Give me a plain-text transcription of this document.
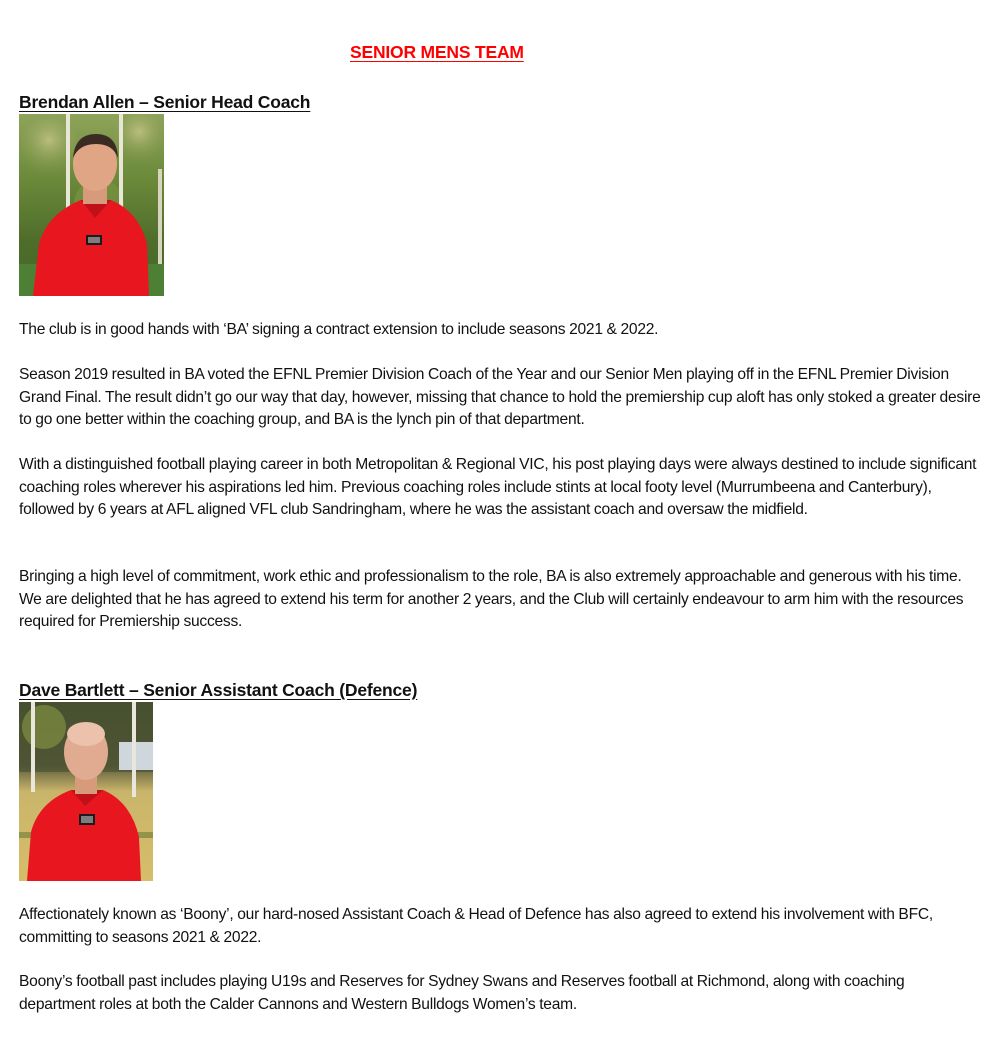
SENIOR MENS TEAM
Brendan Allen – Senior Head Coach

The club is in good hands with ‘BA’ signing a contract extension to include seasons 2021 & 2022.

Season 2019 resulted in BA voted the EFNL Premier Division Coach of the Year and our Senior Men playing off in the EFNL Premier Division Grand Final. The result didn’t go our way that day, however, missing that chance to hold the premiership cup aloft has only stoked a greater desire to go one better within the coaching group, and BA is the lynch pin of that department.

With a distinguished football playing career in both Metropolitan & Regional VIC, his post playing days were always destined to include significant coaching roles wherever his aspirations led him. Previous coaching roles include stints at local footy level (Murrumbeena and Canterbury), followed by 6 years at AFL aligned VFL club Sandringham, where he was the assistant coach and oversaw the midfield.

Bringing a high level of commitment, work ethic and professionalism to the role, BA is also extremely approachable and generous with his time. We are delighted that he has agreed to extend his term for another 2 years, and the Club will certainly endeavour to arm him with the resources required for Premiership success.

Dave Bartlett – Senior Assistant Coach (Defence)

Affectionately known as ‘Boony’, our hard-nosed Assistant Coach & Head of Defence has also agreed to extend his involvement with BFC, committing to seasons 2021 & 2022.

Boony’s football past includes playing U19s and Reserves for Sydney Swans and Reserves football at Richmond, along with coaching department roles at both the Calder Cannons and Western Bulldogs Women’s team.
